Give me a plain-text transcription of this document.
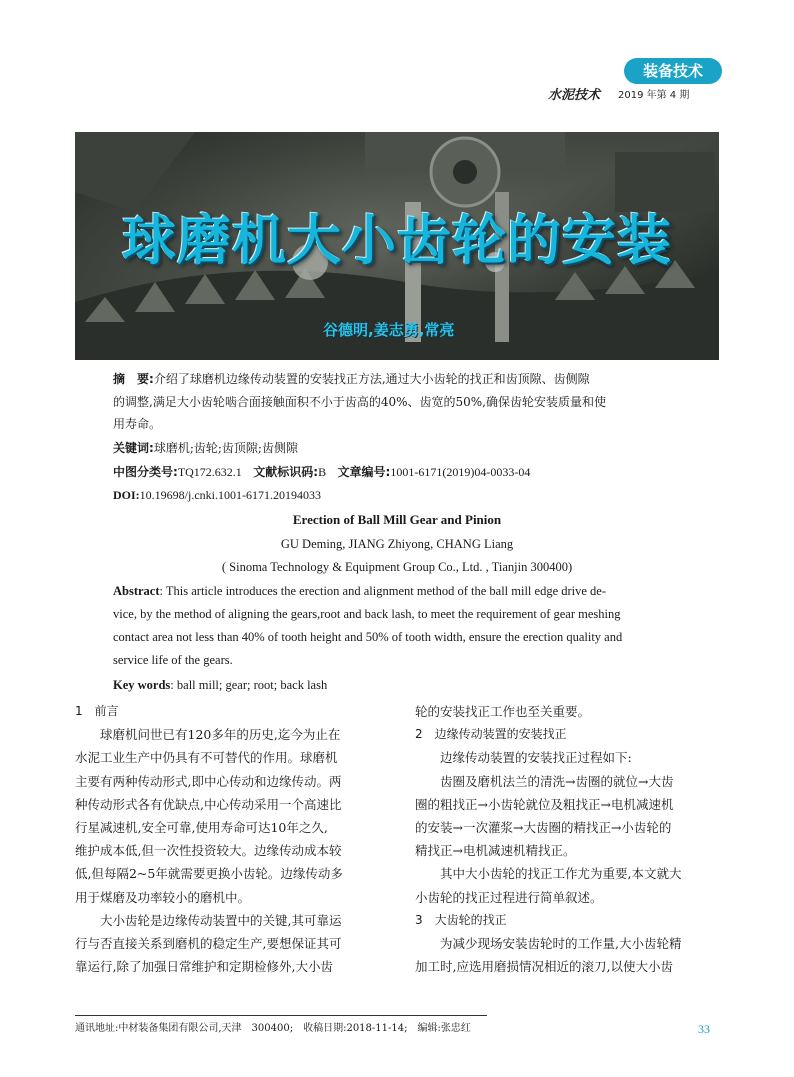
装备技术
水泥技术 2019 年第 4 期
球磨机大小齿轮的安装
谷德明,姜志勇,常亮
摘　要:介绍了球磨机边缘传动装置的安装找正方法,通过大小齿轮的找正和齿顶隙、齿侧隙
的调整,满足大小齿轮啮合面接触面积不小于齿高的40%、齿宽的50%,确保齿轮安装质量和使
用寿命。
关键词:球磨机;齿轮;齿顶隙;齿侧隙
中图分类号:TQ172.632.1 文献标识码:B 文章编号:1001-6171(2019)04-0033-04
DOI:10.19698/j.cnki.1001-6171.20194033
Erection of Ball Mill Gear and Pinion
GU Deming, JIANG Zhiyong, CHANG Liang
( Sinoma Technology & Equipment Group Co., Ltd. , Tianjin 300400)
Abstract: This article introduces the erection and alignment method of the ball mill edge drive de-
vice, by the method of aligning the gears,root and back lash, to meet the requirement of gear meshing
contact area not less than 40% of tooth height and 50% of tooth width, ensure the erection quality and
service life of the gears.
Key words: ball mill; gear; root; back lash
1　前言
　　球磨机问世已有120多年的历史,迄今为止在
水泥工业生产中仍具有不可替代的作用。球磨机
主要有两种传动形式,即中心传动和边缘传动。两
种传动形式各有优缺点,中心传动采用一个高速比
行星减速机,安全可靠,使用寿命可达10年之久,
维护成本低,但一次性投资较大。边缘传动成本较
低,但每隔2~5年就需要更换小齿轮。边缘传动多
用于煤磨及功率较小的磨机中。
　　大小齿轮是边缘传动装置中的关键,其可靠运
行与否直接关系到磨机的稳定生产,要想保证其可
靠运行,除了加强日常维护和定期检修外,大小齿
轮的安装找正工作也至关重要。
2　边缘传动装置的安装找正
　　边缘传动装置的安装找正过程如下:
　　齿圈及磨机法兰的清洗→齿圈的就位→大齿
圈的粗找正→小齿轮就位及粗找正→电机减速机
的安装→一次灌浆→大齿圈的精找正→小齿轮的
精找正→电机减速机精找正。
　　其中大小齿轮的找正工作尤为重要,本文就大
小齿轮的找正过程进行简单叙述。
3　大齿轮的找正
　　为减少现场安装齿轮时的工作量,大小齿轮精
加工时,应选用磨损情况相近的滚刀,以使大小齿
通讯地址:中材装备集团有限公司,天津　300400;　收稿日期:2018-11-14;　编辑:张忠红	33
